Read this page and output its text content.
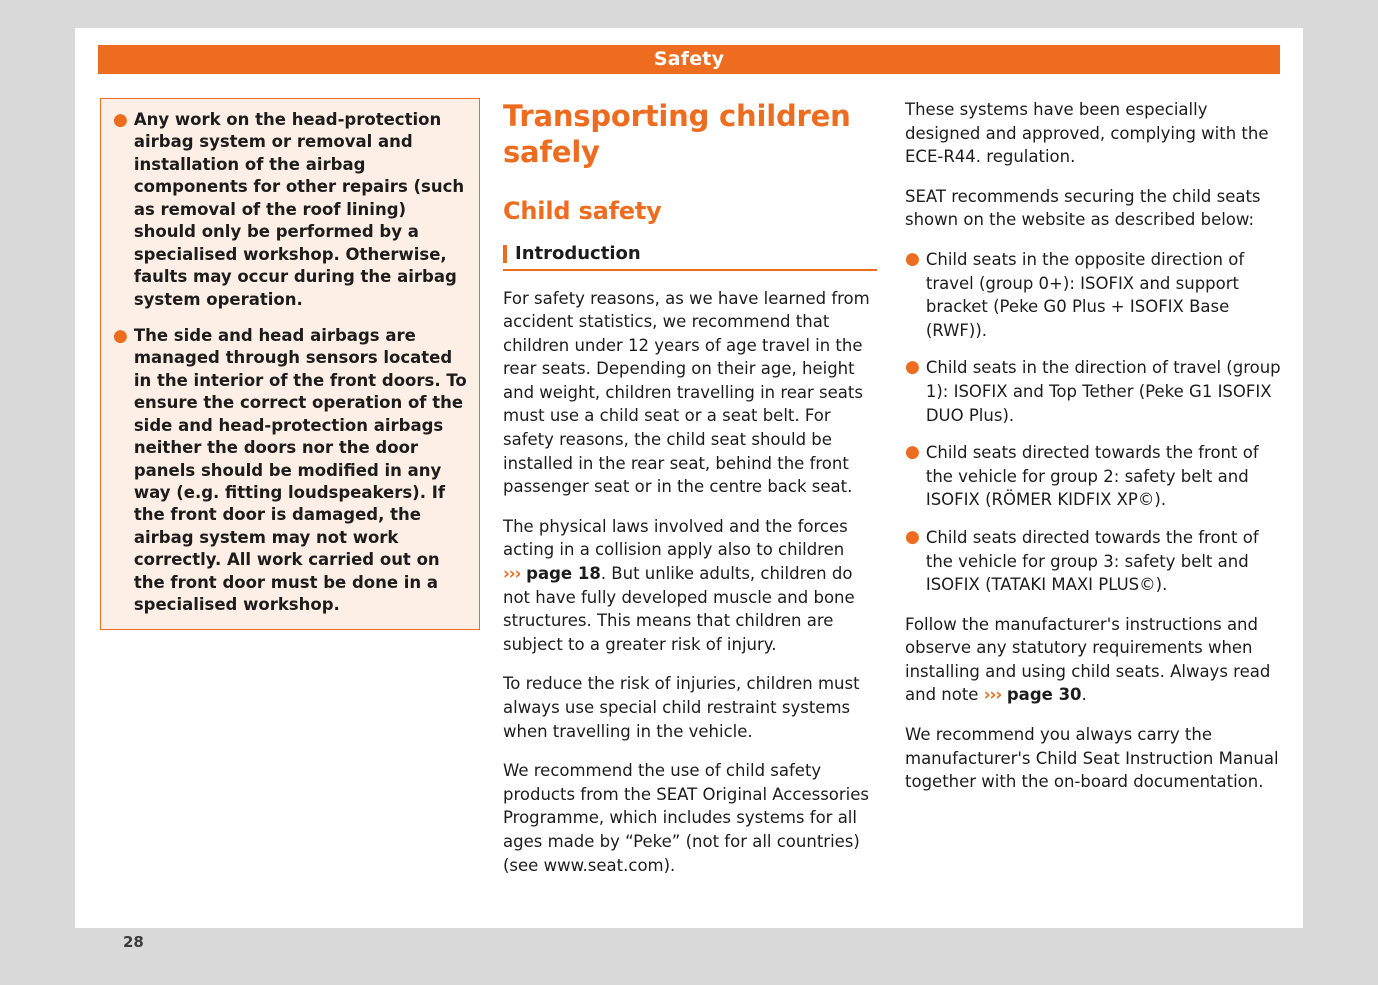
● Any work on the head-protection airbag system or removal and installation of the airbag components for other repairs (such as removal of the roof lining) should only be performed by a specialised workshop. Otherwise, faults may occur during the airbag system operation.
● The side and head airbags are managed through sensors located in the interior of the front doors. To ensure the correct operation of the side and head-protection airbags neither the doors nor the door panels should be modified in any way (e.g. fitting loudspeakers). If the front door is damaged, the airbag system may not work correctly. All work carried out on the front door must be done in a specialised workshop.
Transporting children safely
Child safety
Introduction

For safety reasons, as we have learned from accident statistics, we recommend that children under 12 years of age travel in the rear seats. Depending on their age, height and weight, children travelling in rear seats must use a child seat or a seat belt. For safety reasons, the child seat should be installed in the rear seat, behind the front passenger seat or in the centre back seat.

The physical laws involved and the forces acting in a collision apply also to children ››› page 18. But unlike adults, children do not have fully developed muscle and bone structures. This means that children are subject to a greater risk of injury.

To reduce the risk of injuries, children must always use special child restraint systems when travelling in the vehicle.

We recommend the use of child safety products from the SEAT Original Accessories Programme, which includes systems for all ages made by “Peke” (not for all countries) (see www.seat.com).

These systems have been especially designed and approved, complying with the ECE-R44. regulation.

SEAT recommends securing the child seats shown on the website as described below:

● Child seats in the opposite direction of travel (group 0+): ISOFIX and support bracket (Peke G0 Plus + ISOFIX Base (RWF)).
● Child seats in the direction of travel (group 1): ISOFIX and Top Tether (Peke G1 ISOFIX DUO Plus).
● Child seats directed towards the front of the vehicle for group 2: safety belt and ISOFIX (RÖMER KIDFIX XP©).
● Child seats directed towards the front of the vehicle for group 3: safety belt and ISOFIX (TATAKI MAXI PLUS©).

Follow the manufacturer's instructions and observe any statutory requirements when installing and using child seats. Always read and note ››› page 30.

We recommend you always carry the manufacturer's Child Seat Instruction Manual together with the on-board documentation.

28
Safety
